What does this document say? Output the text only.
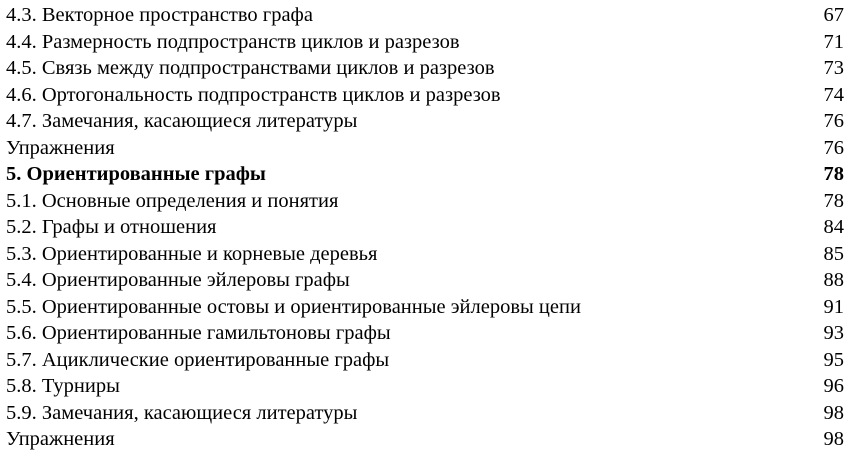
4.3. Векторное пространство графа	67
4.4. Размерность подпространств циклов и разрезов	71
4.5. Связь между подпространствами циклов и разрезов	73
4.6. Ортогональность подпространств циклов и разрезов	74
4.7. Замечания, касающиеся литературы	76
Упражнения	76
5. Ориентированные графы	78
5.1. Основные определения и понятия	78
5.2. Графы и отношения	84
5.3. Ориентированные и корневые деревья	85
5.4. Ориентированные эйлеровы графы	88
5.5. Ориентированные остовы и ориентированные эйлеровы цепи	91
5.6. Ориентированные гамильтоновы графы	93
5.7. Ациклические ориентированные графы	95
5.8. Турниры	96
5.9. Замечания, касающиеся литературы	98
Упражнения	98
